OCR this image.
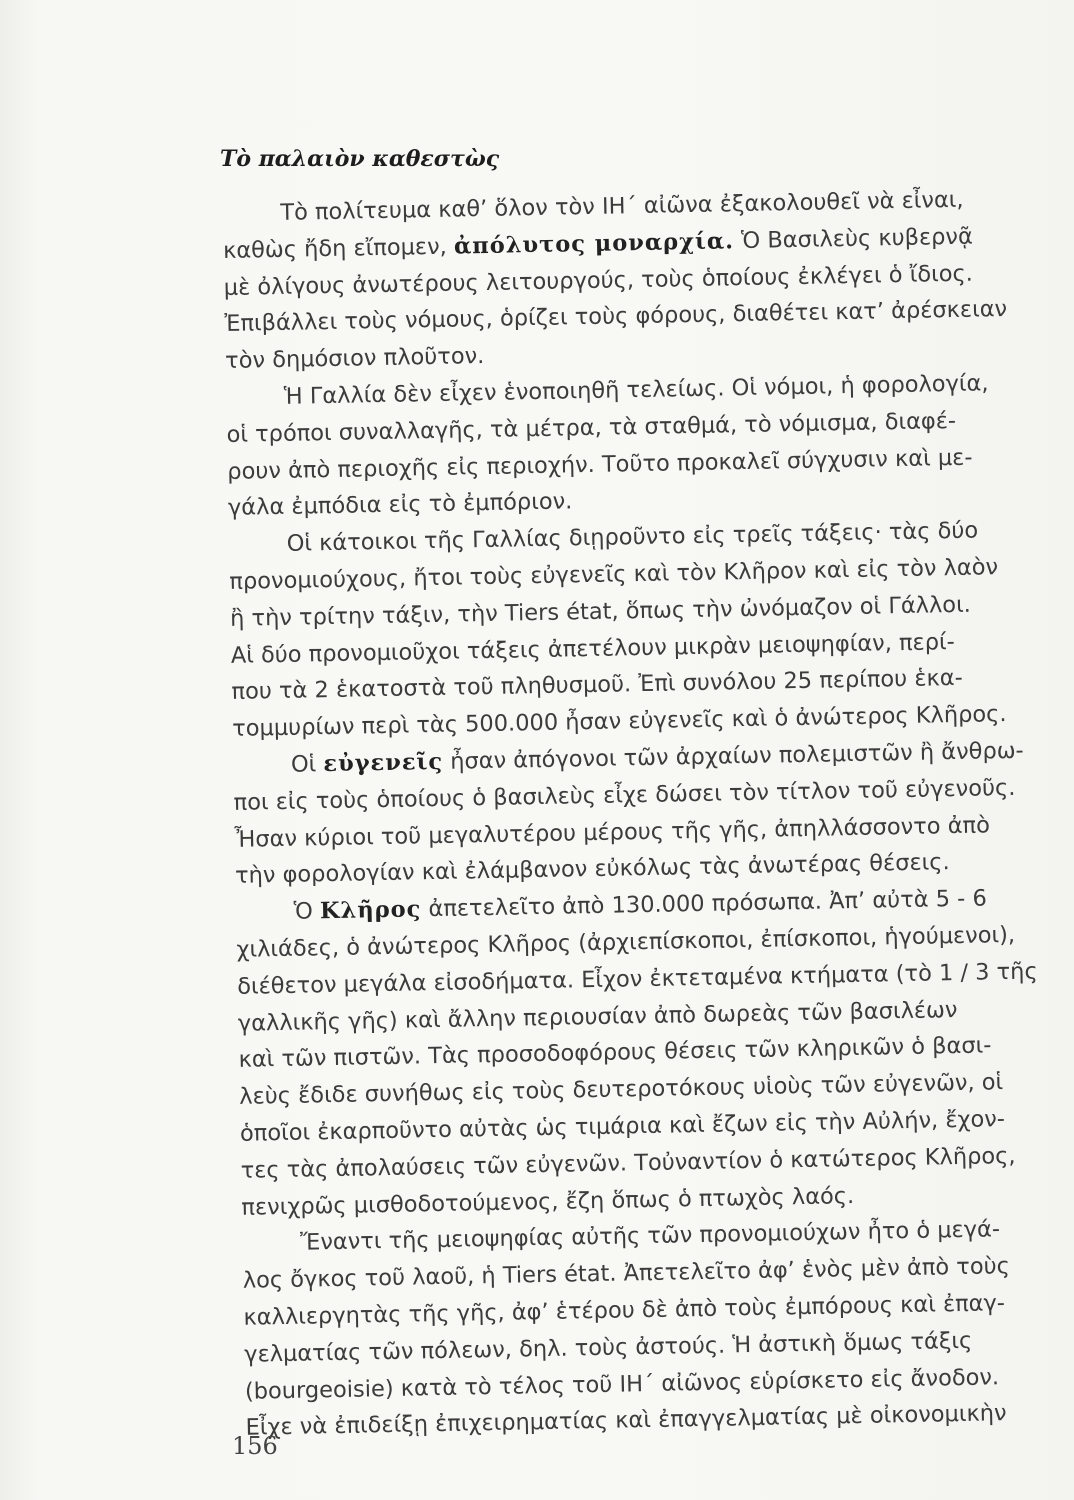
Τὸ παλαιὸν καθεστὼς
Τὸ πολίτευμα καθ’ ὅλον τὸν ΙΗ΄ αἰῶνα ἐξακολουθεῖ νὰ εἶναι,
καθὼς ἤδη εἴπομεν, ἀπόλυτος μοναρχία. Ὁ Βασιλεὺς κυβερνᾷ
μὲ ὀλίγους ἀνωτέρους λειτουργούς, τοὺς ὁποίους ἐκλέγει ὁ ἴδιος.
Ἐπιβάλλει τοὺς νόμους, ὁρίζει τοὺς φόρους, διαθέτει κατ’ ἀρέσκειαν
τὸν δημόσιον πλοῦτον.
Ἡ Γαλλία δὲν εἶχεν ἑνοποιηθῆ τελείως. Οἱ νόμοι, ἡ φορολογία,
οἱ τρόποι συναλλαγῆς, τὰ μέτρα, τὰ σταθμά, τὸ νόμισμα, διαφέ-
ρουν ἀπὸ περιοχῆς εἰς περιοχήν. Τοῦτο προκαλεῖ σύγχυσιν καὶ με-
γάλα ἐμπόδια εἰς τὸ ἐμπόριον.
Οἱ κάτοικοι τῆς Γαλλίας διῃροῦντο εἰς τρεῖς τάξεις· τὰς δύο
προνομιούχους, ἤτοι τοὺς εὐγενεῖς καὶ τὸν Κλῆρον καὶ εἰς τὸν λαὸν
ἢ τὴν τρίτην τάξιν, τὴν Tiers état, ὅπως τὴν ὠνόμαζον οἱ Γάλλοι.
Αἱ δύο προνομιοῦχοι τάξεις ἀπετέλουν μικρὰν μειοψηφίαν, περί-
που τὰ 2 ἑκατοστὰ τοῦ πληθυσμοῦ. Ἐπὶ συνόλου 25 περίπου ἑκα-
τομμυρίων περὶ τὰς 500.000 ἦσαν εὐγενεῖς καὶ ὁ ἀνώτερος Κλῆρος.
Οἱ εὐγενεῖς ἦσαν ἀπόγονοι τῶν ἀρχαίων πολεμιστῶν ἢ ἄνθρω-
ποι εἰς τοὺς ὁποίους ὁ βασιλεὺς εἶχε δώσει τὸν τίτλον τοῦ εὐγενοῦς.
Ἦσαν κύριοι τοῦ μεγαλυτέρου μέρους τῆς γῆς, ἀπηλλάσσοντο ἀπὸ
τὴν φορολογίαν καὶ ἐλάμβανον εὐκόλως τὰς ἀνωτέρας θέσεις.
Ὁ Κλῆρος ἀπετελεῖτο ἀπὸ 130.000 πρόσωπα. Ἀπ’ αὐτὰ 5 - 6
χιλιάδες, ὁ ἀνώτερος Κλῆρος (ἀρχιεπίσκοποι, ἐπίσκοποι, ἡγούμενοι),
διέθετον μεγάλα εἰσοδήματα. Εἶχον ἐκτεταμένα κτήματα (τὸ 1 / 3 τῆς
γαλλικῆς γῆς) καὶ ἄλλην περιουσίαν ἀπὸ δωρεὰς τῶν βασιλέων
καὶ τῶν πιστῶν. Τὰς προσοδοφόρους θέσεις τῶν κληρικῶν ὁ βασι-
λεὺς ἔδιδε συνήθως εἰς τοὺς δευτεροτόκους υἱοὺς τῶν εὐγενῶν, οἱ
ὁποῖοι ἐκαρποῦντο αὐτὰς ὡς τιμάρια καὶ ἔζων εἰς τὴν Αὐλήν, ἔχον-
τες τὰς ἀπολαύσεις τῶν εὐγενῶν. Τοὐναντίον ὁ κατώτερος Κλῆρος,
πενιχρῶς μισθοδοτούμενος, ἔζη ὅπως ὁ πτωχὸς λαός.
Ἔναντι τῆς μειοψηφίας αὐτῆς τῶν προνομιούχων ἦτο ὁ μεγά-
λος ὄγκος τοῦ λαοῦ, ἡ Tiers état. Ἀπετελεῖτο ἀφ’ ἑνὸς μὲν ἀπὸ τοὺς
καλλιεργητὰς τῆς γῆς, ἀφ’ ἑτέρου δὲ ἀπὸ τοὺς ἐμπόρους καὶ ἐπαγ-
γελματίας τῶν πόλεων, δηλ. τοὺς ἀστούς. Ἡ ἀστικὴ ὅμως τάξις
(bourgeoisie) κατὰ τὸ τέλος τοῦ ΙΗ΄ αἰῶνος εὑρίσκετο εἰς ἄνοδον.
Εἶχε νὰ ἐπιδείξῃ ἐπιχειρηματίας καὶ ἐπαγγελματίας μὲ οἰκονομικὴν
156
